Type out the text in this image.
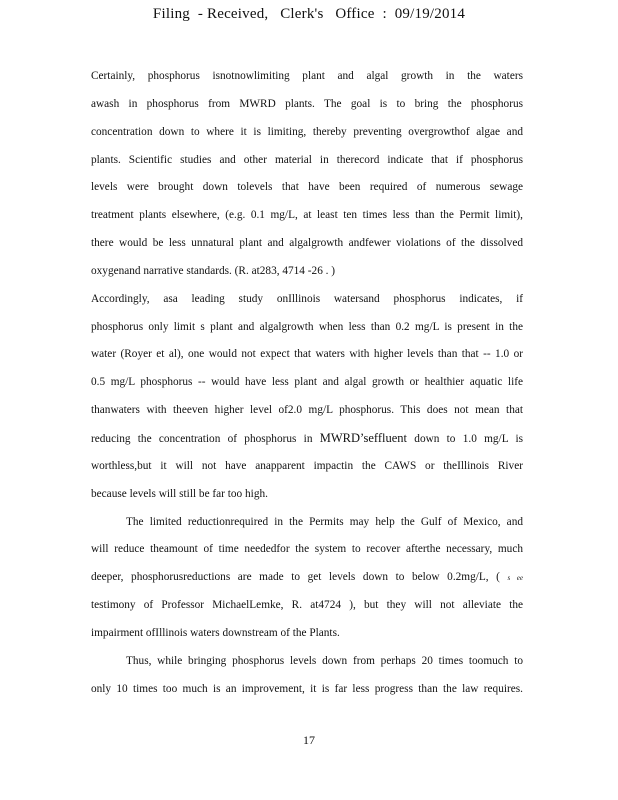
Filing  - Received,   Clerk's   Office  :  09/19/2014
Certainly, phosphorus isnotnowlimiting plant and algal growth in the waters
awash in phosphorus from MWRD plants. The goal is to bring the phosphorus
concentration down to where it is limiting, thereby preventing overgrowthof algae and
plants. Scientific studies and other material in therecord indicate that if phosphorus
levels were brought down tolevels that have been required of numerous sewage
treatment plants elsewhere, (e.g. 0.1 mg/L, at least ten times less than the Permit limit),
there would be less unnatural plant and algalgrowth andfewer violations of the dissolved
oxygenand narrative standards. (R. at283, 4714 -26 . )
Accordingly, asa leading study onIllinois watersand phosphorus indicates, if
phosphorus only limit s plant and algalgrowth when less than 0.2 mg/L is present in the
water (Royer et al), one would not expect that waters with higher levels than that -- 1.0 or
0.5 mg/L phosphorus -- would have less plant and algal growth or healthier aquatic life
thanwaters with theeven higher level of2.0 mg/L phosphorus. This does not mean that
reducing the concentration of phosphorus in MWRD’seffluent down to 1.0 mg/L is
worthless,but it will not have anapparent impactin the CAWS or theIllinois River
because levels will still be far too high.
The limited reductionrequired in the Permits may help the Gulf of Mexico, and
will reduce theamount of time neededfor the system to recover afterthe necessary, much
deeper, phosphorusreductions are made to get levels down to below 0.2mg/L, ( s ee
testimony of Professor MichaelLemke, R. at4724 ), but they will not alleviate the
impairment ofIllinois waters downstream of the Plants.
Thus, while bringing phosphorus levels down from perhaps 20 times toomuch to
only 10 times too much is an improvement, it is far less progress than the law requires.
17
